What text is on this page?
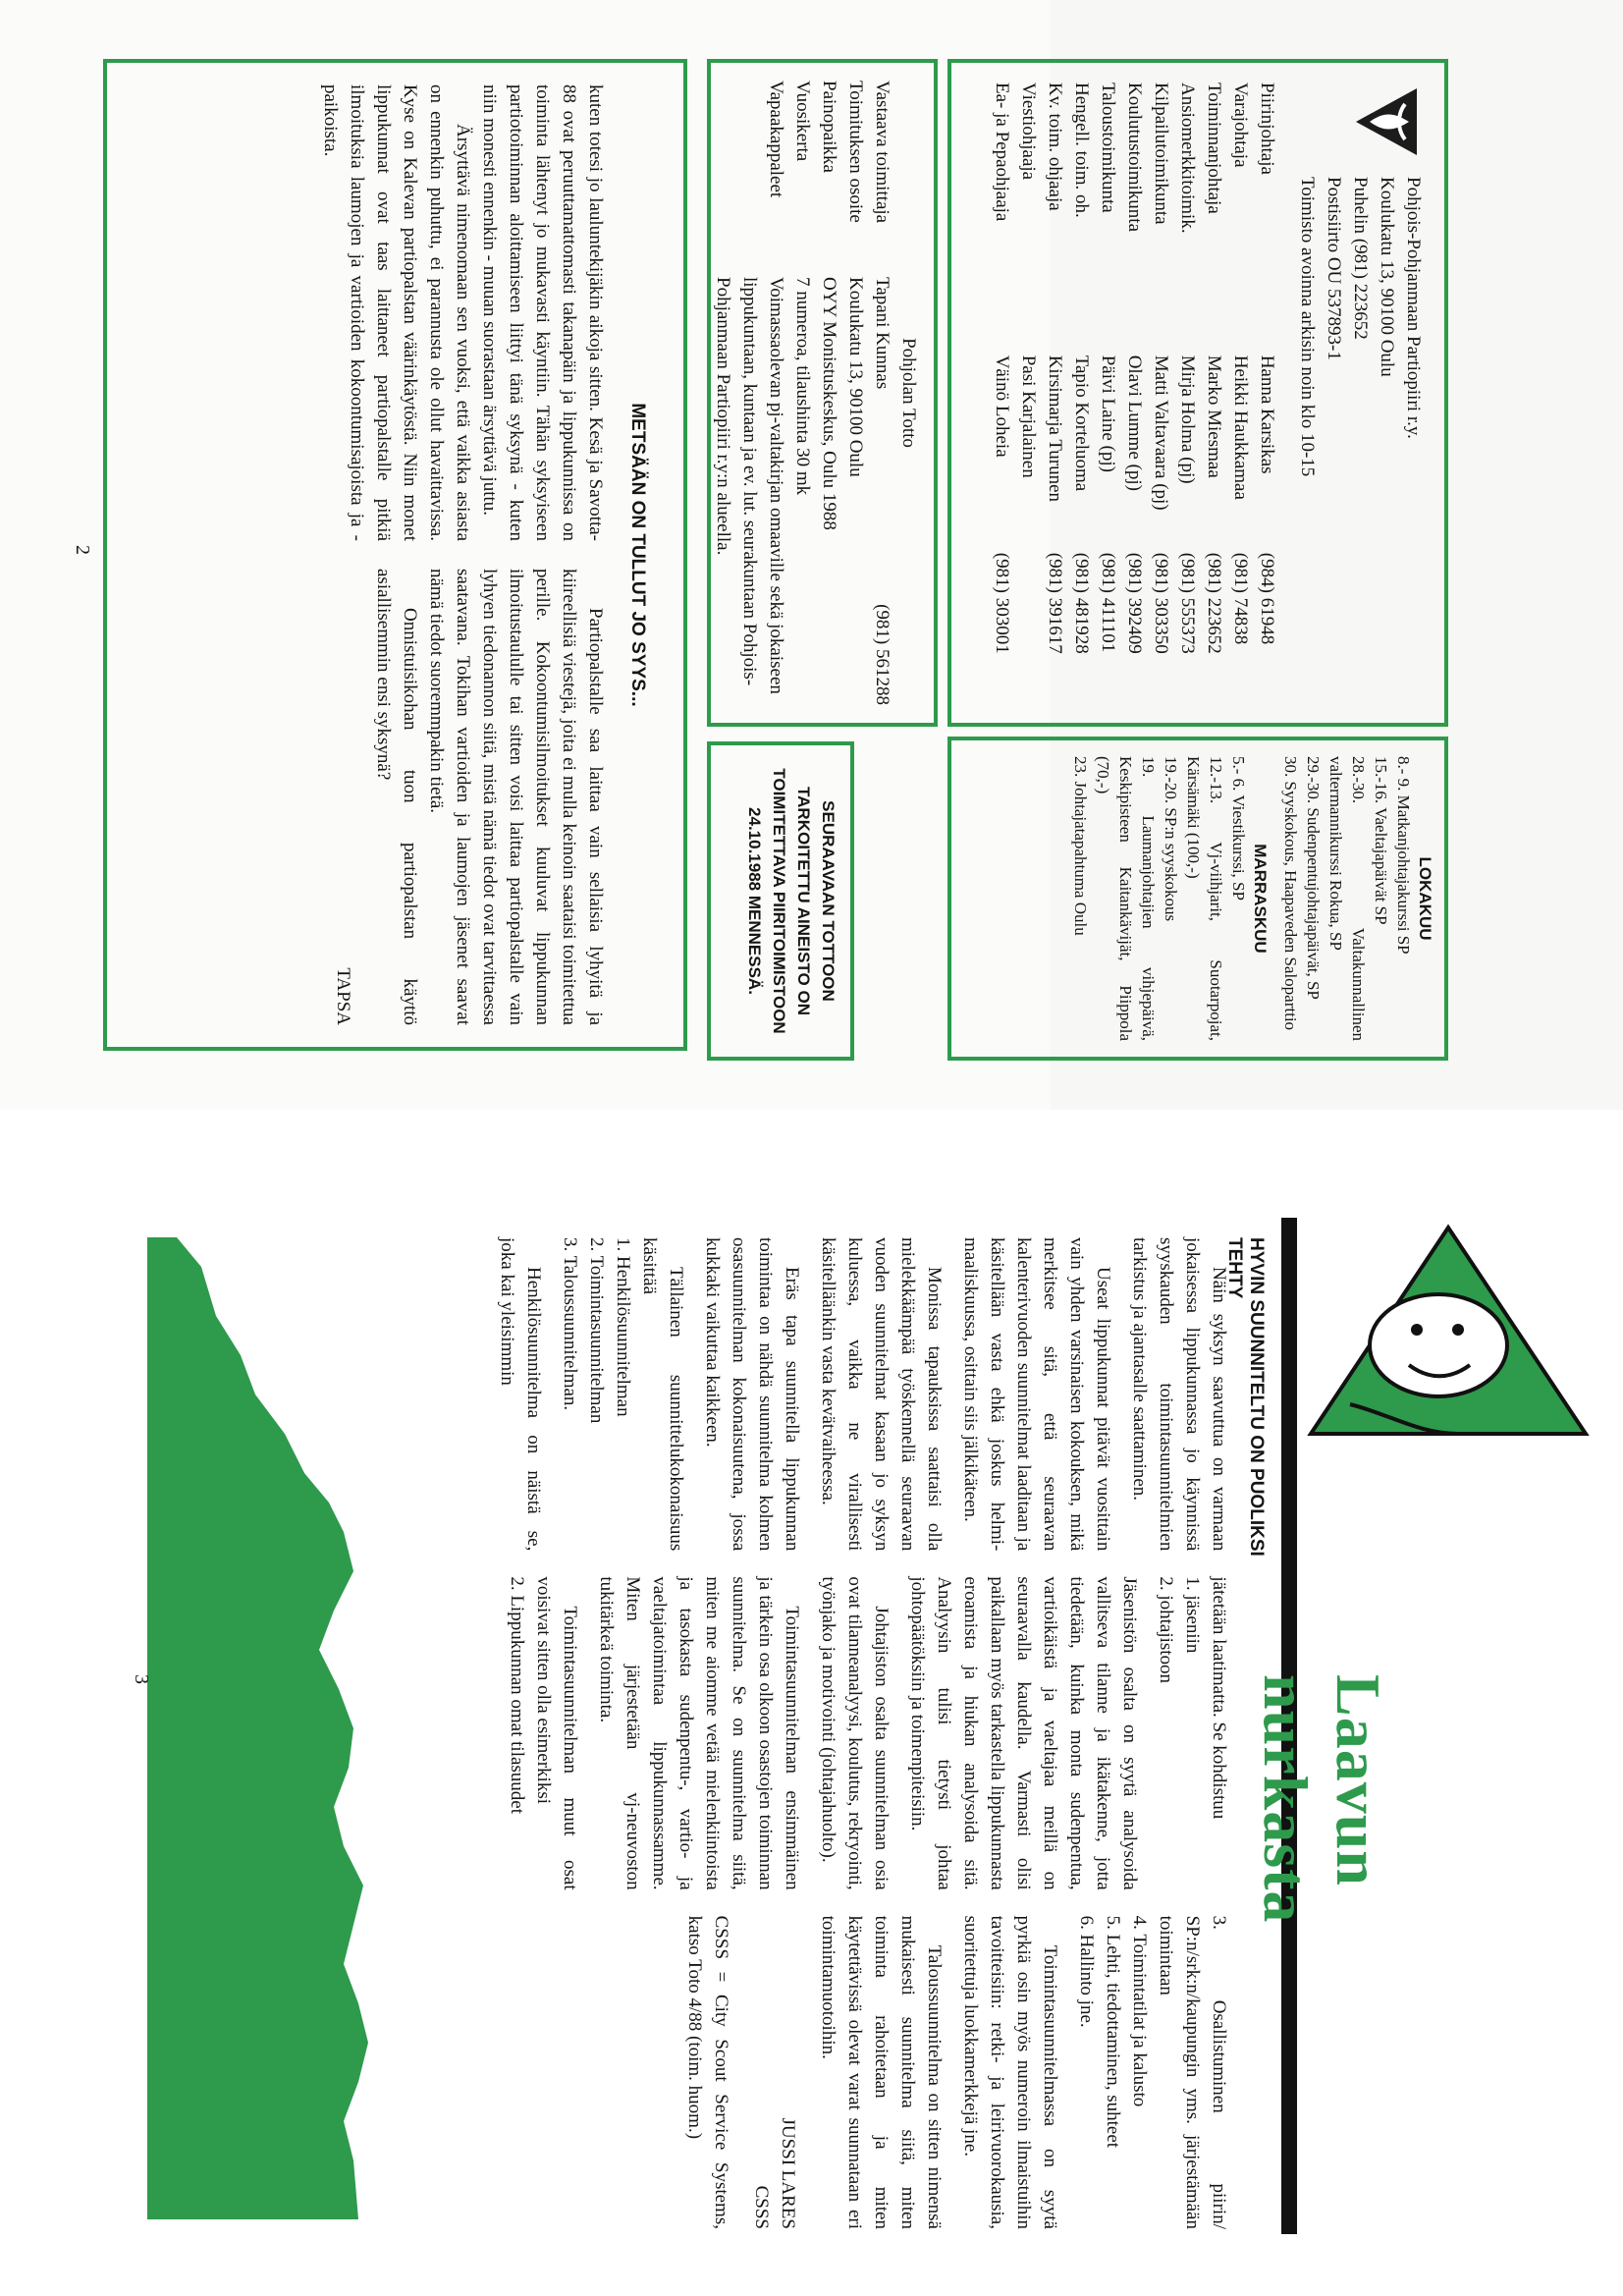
Pohjois-Pohjanmaan Partiopiiri r.y.

Koulukatu 13, 90100 Oulu

Puhelin (981) 223652

Postisiirto OU 537893-1

Toimisto avoinna arkisin noin klo 10-15

Piirinjohtaja
Hanna Karsikas
(984) 61948
Varajohtaja
Heikki Haukkamaa
(981) 74838
Toiminnanjohtaja
Marko Miesmaa
(981) 223652
Ansiomerkkitoimik.
Mirja Holma (pj)
(981) 555373
Kilpailutoimikunta
Matti Valtavaara (pj)
(981) 303350
Koulutustoimikunta
Olavi Lumme (pj)
(981) 392409
Taloustoimikunta
Päivi Laine (pj)
(981) 411101
Hengell. toim. oh.
Tapio Korteluoma
(981) 481928
Kv. toim. ohjaaja
Kirsimarja Turunen
(981) 391617
Viestiohjaaja
Pasi Karjalainen
Ea- ja Pepaohjaaja
Väinö Loheia
(981) 303001

Pohjolan Totto

Vastaava toimittaja
Tapani Kunnas
(981) 561288
Toimituksen osoite
Koulukatu 13, 90100 Oulu
Painopaikka
OYY Monistuskeskus, Oulu 1988
Vuosikerta
7 numeroa, tilaushinta 30 mk
Vapaakappaleet
Voimassaolevan pj-valtakirjan omaaville sekä jokaiseen lippukuntaan, kuntaan ja ev. lut. seurakuntaan Pohjois-Pohjanmaan Partiopiiri r.y:n alueella.

METSÄÄN ON TULLUT JO SYYS...

kuten totesi jo lauluntekijäkin aikoja sitten. Kesä ja Savotta-88 ovat peruuttamattomasti takanapäin ja lippukunnissa on toiminta lähtenyt jo mukavasti käyntiin. Tähän syksyiseen partiotoiminnan aloittamiseen liittyi tänä syksynä - kuten niin monesti ennenkin - muuan suorastaan ärsyttävä juttu.

Ärsyttävä nimenomaan sen vuoksi, että vaikka asiasta on ennenkin puhuttu, ei parannusta ole ollut havaittavissa. Kyse on Kalevan partiopalstan väärinkäytöstä. Niin monet lippukunnat ovat taas laittaneet partiopalstalle pitkiä ilmoituksia laumojen ja vartioiden kokoontumisajoista ja -paikoista.

Partiopalstalle saa laittaa vain sellaisia lyhyitä ja kiireellisiä viestejä, joita ei mulla keinoin saataisi toimitettua perille. Kokoontumisilmoitukset kuuluvat lippukunnan ilmoitustaululle tai sitten voisi laittaa partiopalstalle vain lyhyen tiedonannon siitä, mistä nämä tiedot ovat tarvittaessa saatavana. Tokihan vartioiden ja laumojen jäsenet saavat nämä tiedot suoremmpakin tietä.

Onnistuisikohan tuon partiopalstan käyttö asiallisemmin ensi syksynä?

TAPSA

LOKAKUU

8.- 9. Matkanjohtajakurssi SP

15.-16. Vaeltajapäivät SP

28.-30. Valtakunnallinen valtermannikurssi Rokua, SP

29.-30. Sudenpentujohtajapäivät, SP

30. Syyskokous, Haapaveden Saloparttio

MARRASKUU

5.- 6. Viestikurssi, SP

12.-13. Vj-viihjarit, Suotarpojat, Kärsämäki (100,-)

19.-20. SP:n syyskokous

19. Laumanjohtajien vihjepäivä, Keskipisteen Kaitankävijät, Piippola (70,-)

23. Johtajatapahtuma Oulu

SEURAAVAAN TOTTOON TARKOITETTU AINEISTO ON TOIMITETTAVA PIIRITOIMISTOON 24.10.1988 MENNESSÄ.

2
Laavun nurkasta
HYVIN SUUNNITELTU ON PUOLIKSI TEHTY

Näin syksyn saavuttua on varmaan jokaisessa lippukunnassa jo käynnissä syyskauden toimintasuunnitelmien tarkistus ja ajantasalle saattaminen.

Useat lippukunnat pitävät vuosittain vain yhden varsinaisen kokouksen, mikä merkitsee sitä, että seuraavan kalenterivuoden suunnitelmat laaditaan ja käsitellään vasta ehkä joskus helmi-maaliskuussa, osittain siis jälkikäteen.

Monissa tapauksissa saattaisi olla mielekkäämpää työskennellä seuraavan vuoden suunnitelmat kasaan jo syksyn kuluessa, vaikka ne virallisesti käsitelläänkin vasta kevätvaiheessa.

Eräs tapa suunnitella lippukunnan toimintaa on nähdä suunnitelma kolmen osasuunnitelman kokonaisuutena, jossa kukkaki vaikuttaa kaikkeen.

Tällainen suunnittelukokonaisuus käsittää

1. Henkilösuunnitelman

2. Toimintasuunnitelman

3. Taloussuunnitelman.

Henkilösuunnitelma on näistä se, joka kai yleisimmin

jätetään laatimatta. Se kohdistuu

1. jäseniin

2. johtajistoon

Jäsenistön osalta on syytä analysoida vallitseva tilanne ja ikätakenne, jotta tiedetään, kuinka monta sudenpentua, vartioikäistä ja vaeltajaa meillä on seuraavalla kaudella. Varmasti olisi paikallaan myös tarkastella lippukunnasta eroamista ja hiukan analysoida sitä. Analyysin tulisi tietysti johtaa johtopäätöksiin ja toimenpiteisiin.

Johtajiston osalta suunnitelman osia ovat tilanneanalyysi, koulutus, rekryointi, työnjako ja motivointi (johtajahuolto).

Toimintasuunnitelman ensimmäinen ja tärkein osa olkoon osastojen toiminnan suunnitelma. Se on suunnitelma siitä, miten me aiomme vetää mielenkiintoista ja tasokasta sudenpentu-, vartio- ja vaeltajatoimintaa lippukunnassamme. Miten järjestetään vj-neuvoston tukitärkeä toiminta.

Toimintasuunnitelman muut osat voisivat sitten olla esimerkiksi

2. Lippukunnan omat tilasuudet

3. Osallistuminen piirin/ SP:n/srk:n/kaupungin yms. järjestämään toimintaan

4. Toimintatilat ja kalusto

5. Lehti, tiedottaminen, suhteet

6. Hallinto jne.

Toimintasuunnitelmassa on syytä pyrkiä osin myös numeroin ilmaistuihin tavoitteisiin: retki- ja leirivuorokausia, suoritettuja luokkamerkkejä jne.

Taloussuunnitelma on sitten nimensä mukaisesti suunnitelma siitä, miten toiminta rahoitetaan ja miten käytettävissä olevat varat suunnataan eri toimintamuotoihin.

JUSSI LARES

CSSS

CSSS = City Scout Service Systems, katso Toto 4/88 (toim. huom.)

3
